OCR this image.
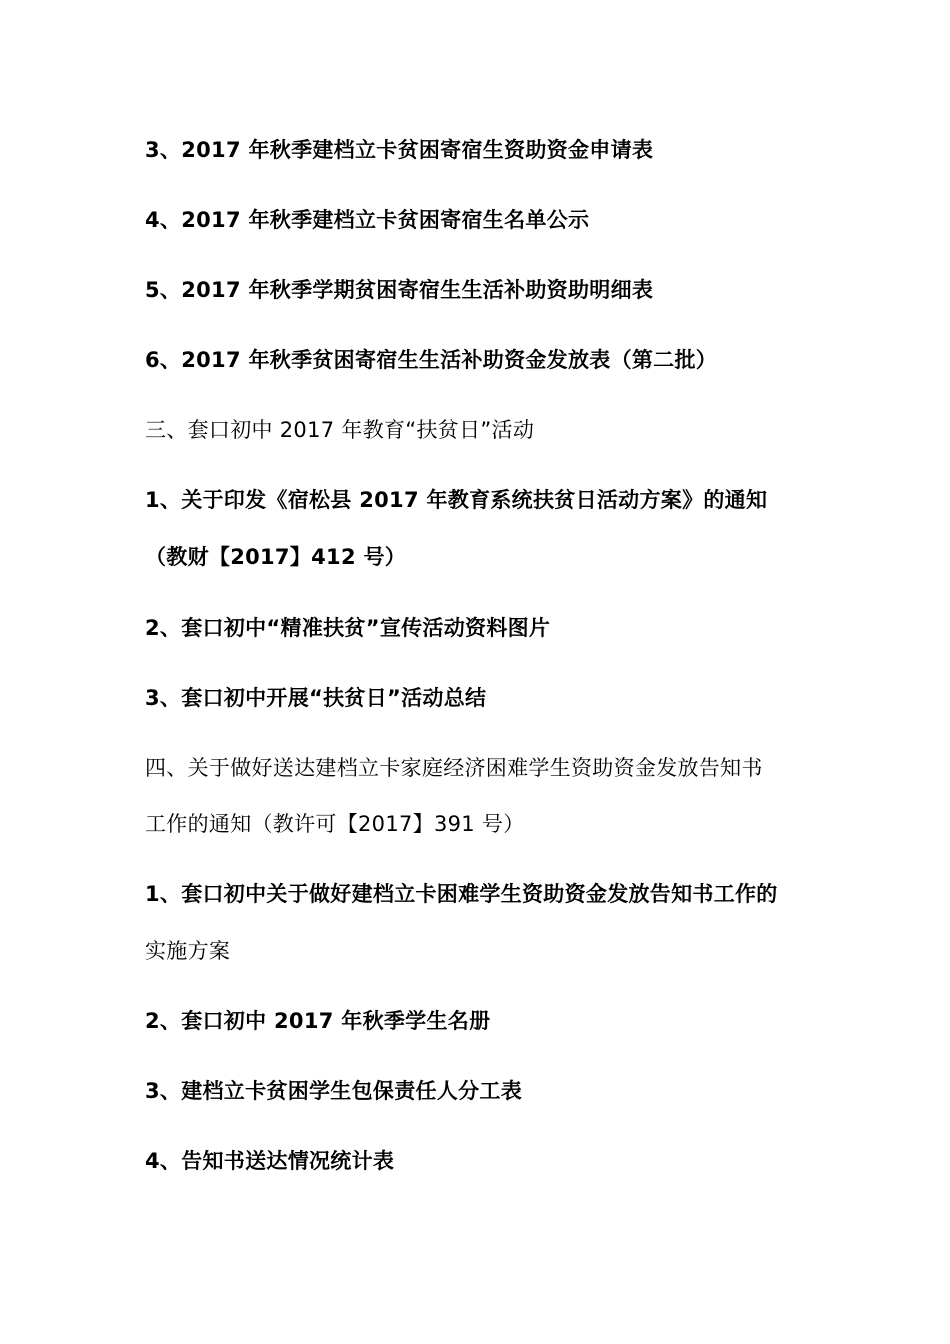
3、2017 年秋季建档立卡贫困寄宿生资助资金申请表
4、2017 年秋季建档立卡贫困寄宿生名单公示
5、2017 年秋季学期贫困寄宿生生活补助资助明细表
6、2017 年秋季贫困寄宿生生活补助资金发放表（第二批）
三、套口初中 2017 年教育“扶贫日”活动
1、关于印发《宿松县 2017 年教育系统扶贫日活动方案》的通知
（教财【2017】412 号）
2、套口初中“精准扶贫”宣传活动资料图片
3、套口初中开展“扶贫日”活动总结
四、关于做好送达建档立卡家庭经济困难学生资助资金发放告知书
工作的通知（教许可【2017】391 号）
1、套口初中关于做好建档立卡困难学生资助资金发放告知书工作的
实施方案
2、套口初中 2017 年秋季学生名册
3、建档立卡贫困学生包保责任人分工表
4、告知书送达情况统计表
